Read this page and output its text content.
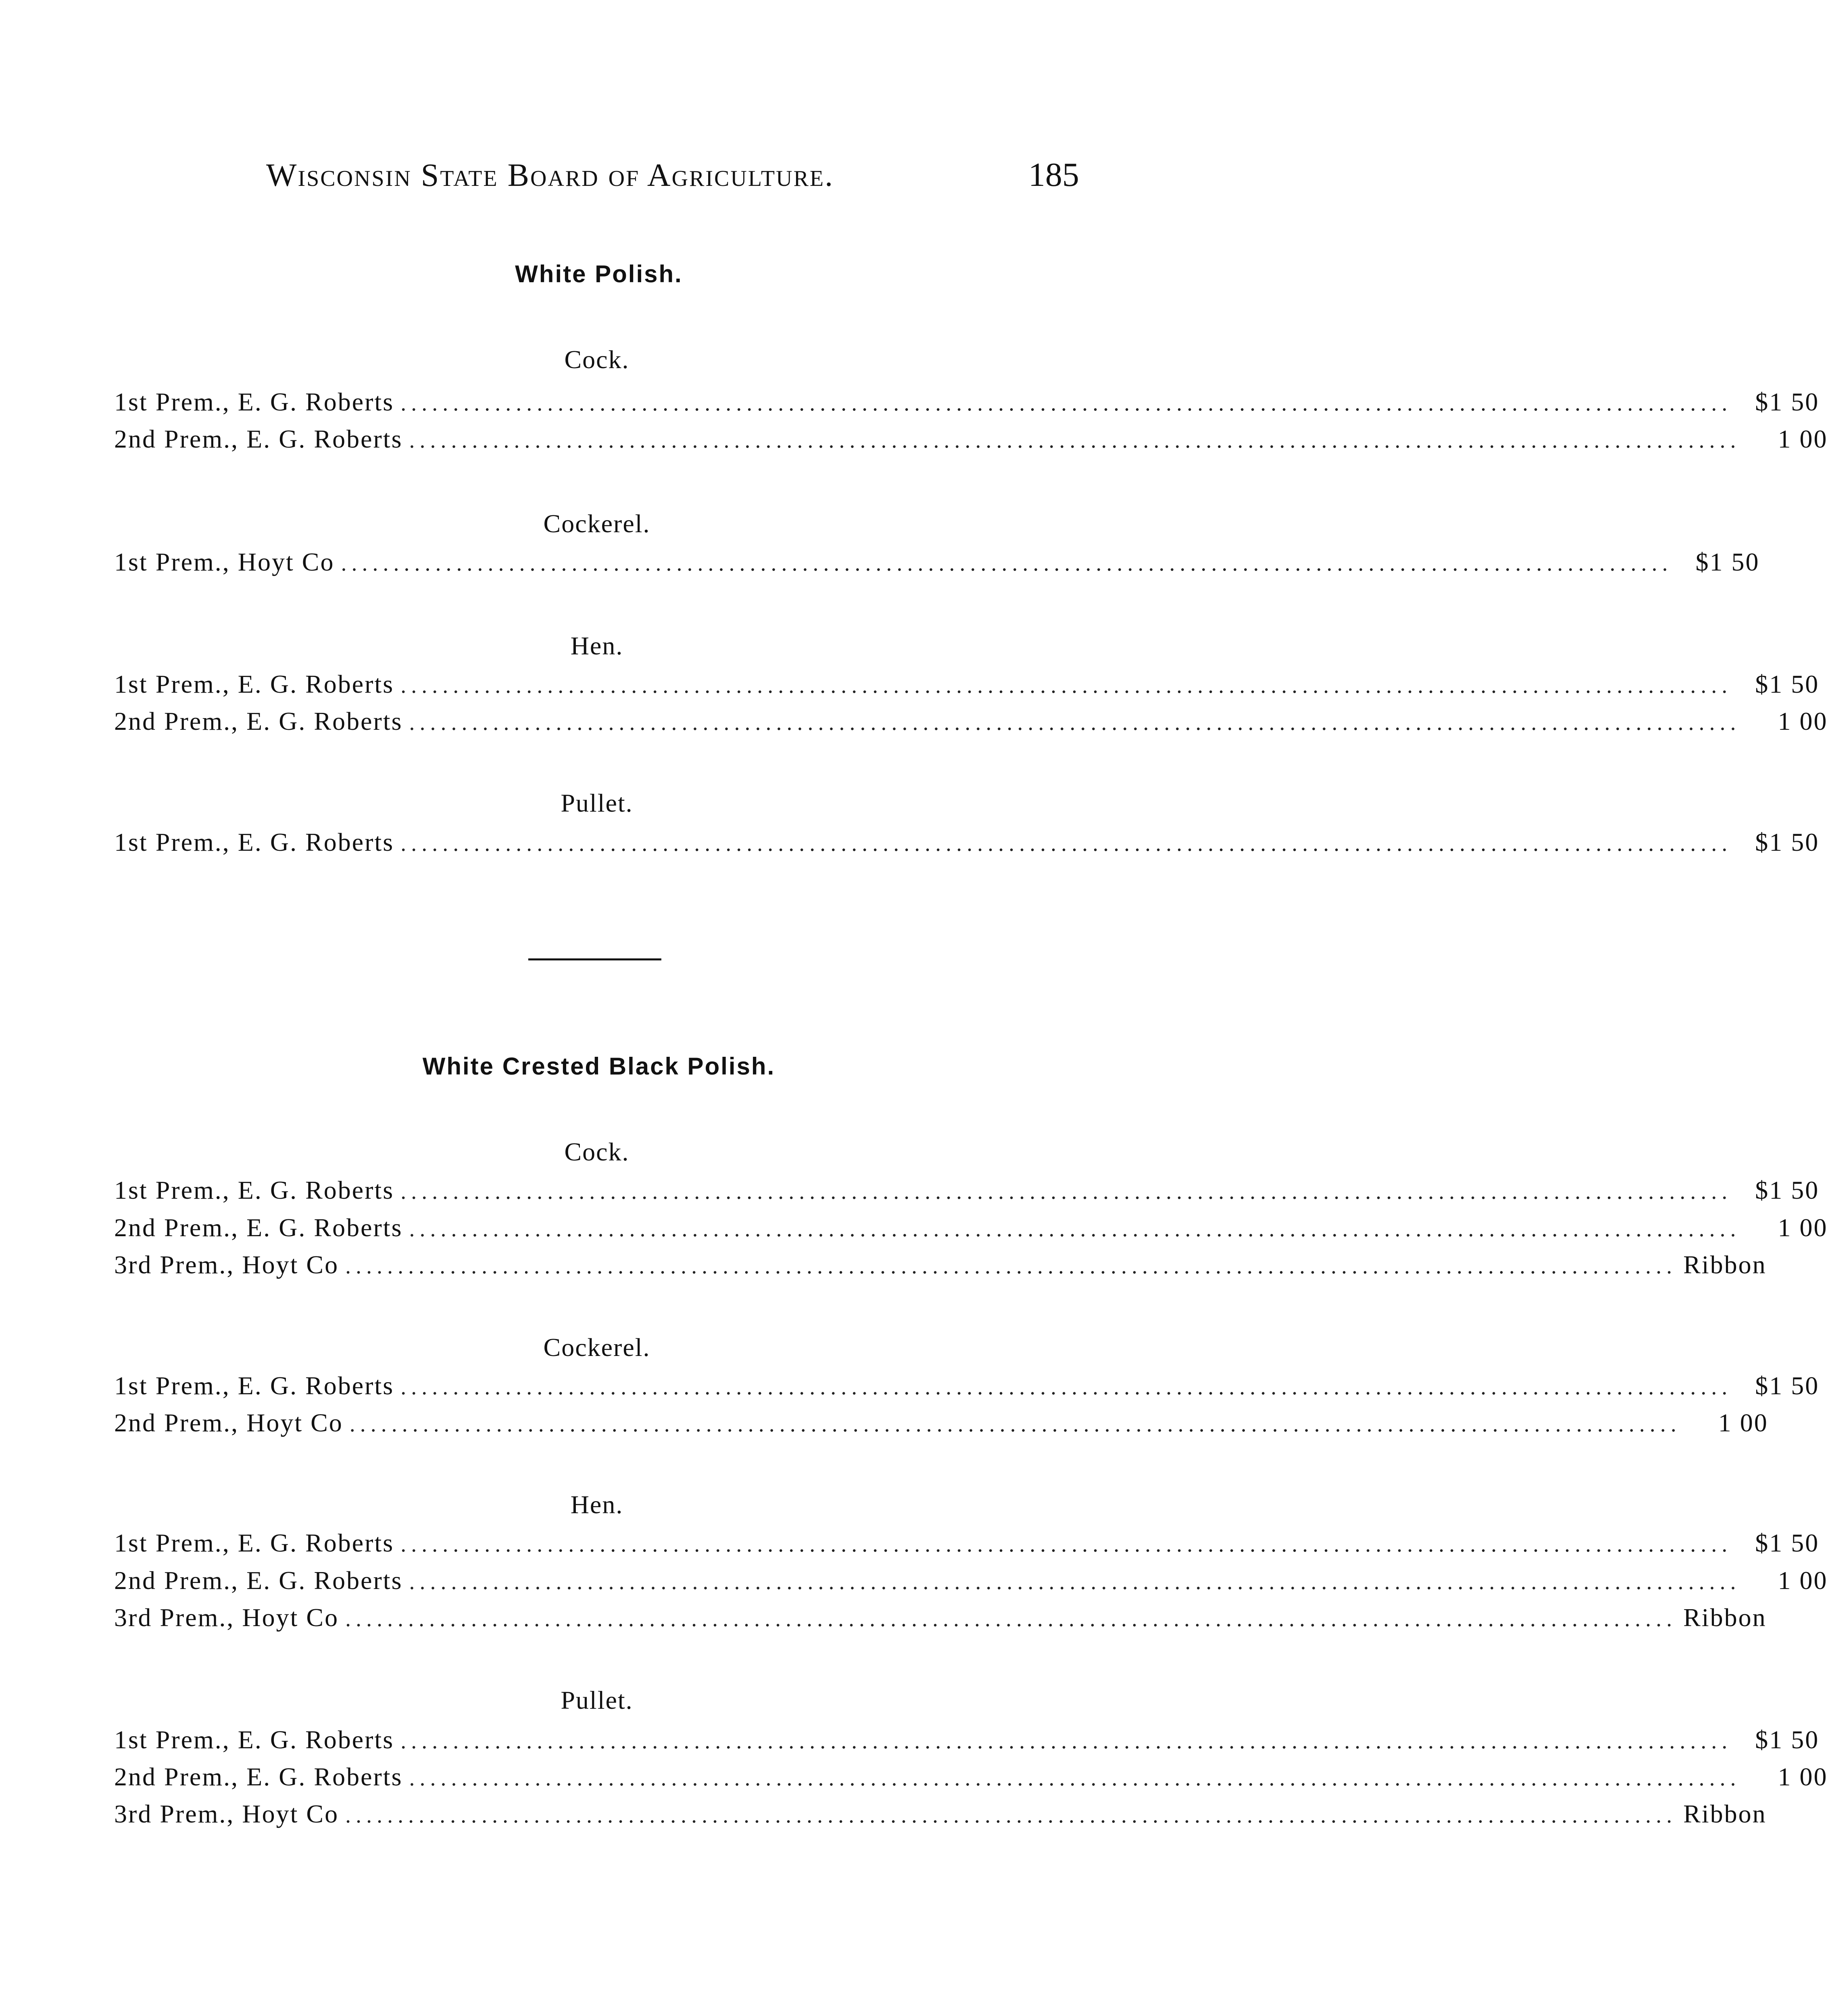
Wisconsin State Board of Agriculture.	185
White Polish.
Cock.
1st Prem., E. G. Roberts ............................................................................................................................... $1 50
2nd Prem., E. G. Roberts ...............................................................................................................................	1 00
Cockerel.
1st Prem., Hoyt Co ............................................................................................................................... $1 50
Hen.
1st Prem., E. G. Roberts ............................................................................................................................... $1 50
2nd Prem., E. G. Roberts ...............................................................................................................................	1 00
Pullet.
1st Prem., E. G. Roberts ............................................................................................................................... $1 50
White Crested Black Polish.
Cock.
1st Prem., E. G. Roberts ............................................................................................................................... $1 50
2nd Prem., E. G. Roberts ...............................................................................................................................	1 00
3rd Prem., Hoyt Co ............................................................................................................................... Ribbon
Cockerel.
1st Prem., E. G. Roberts ............................................................................................................................... $1 50
2nd Prem., Hoyt Co ...............................................................................................................................	1 00
Hen.
1st Prem., E. G. Roberts ............................................................................................................................... $1 50
2nd Prem., E. G. Roberts ...............................................................................................................................	1 00
3rd Prem., Hoyt Co ............................................................................................................................... Ribbon
Pullet.
1st Prem., E. G. Roberts ............................................................................................................................... $1 50
2nd Prem., E. G. Roberts ...............................................................................................................................	1 00
3rd Prem., Hoyt Co ............................................................................................................................... Ribbon
